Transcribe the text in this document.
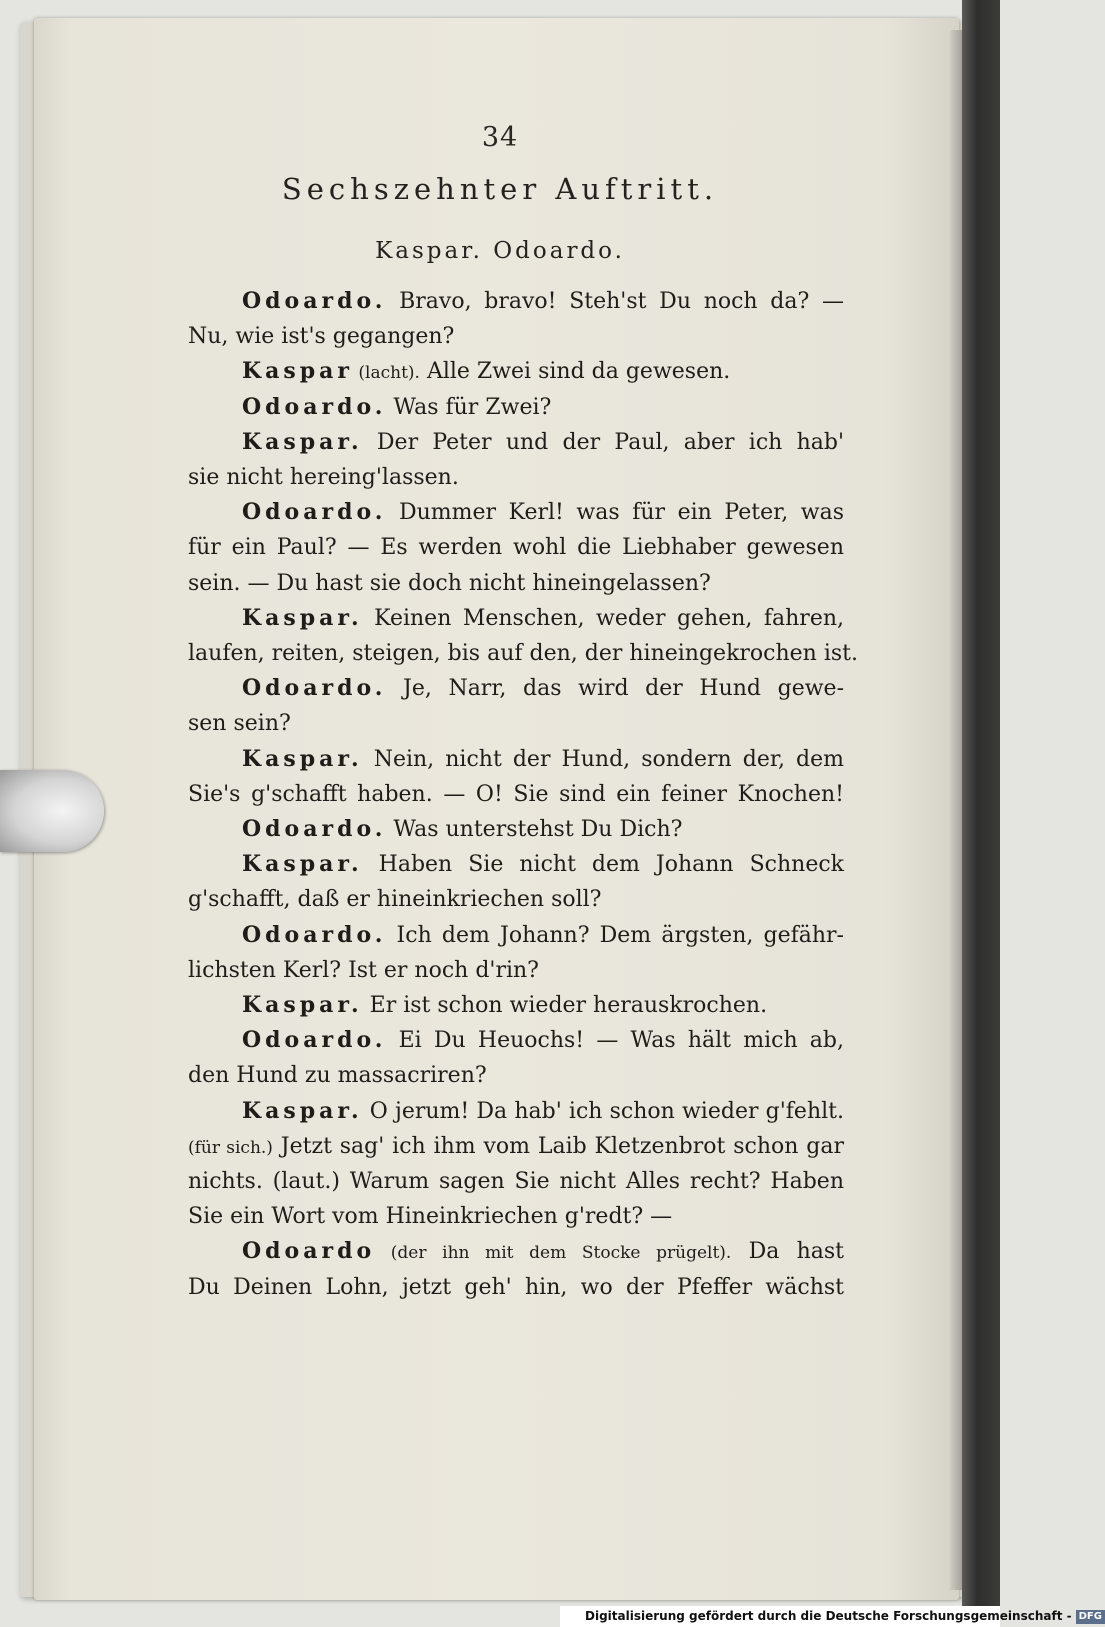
34
Sechszehnter Auftritt.
Kaspar. Odoardo.
Odoardo. Bravo, bravo! Steh'st Du noch da? —
Nu, wie ist's gegangen?
Kaspar (lacht). Alle Zwei sind da gewesen.
Odoardo. Was für Zwei?
Kaspar. Der Peter und der Paul, aber ich hab'
sie nicht hereing'lassen.
Odoardo. Dummer Kerl! was für ein Peter, was
für ein Paul? — Es werden wohl die Liebhaber gewesen
sein. — Du hast sie doch nicht hineingelassen?
Kaspar. Keinen Menschen, weder gehen, fahren,
laufen, reiten, steigen, bis auf den, der hineingekrochen ist.
Odoardo. Je, Narr, das wird der Hund gewe-
sen sein?
Kaspar. Nein, nicht der Hund, sondern der, dem
Sie's g'schafft haben. — O! Sie sind ein feiner Knochen!
Odoardo. Was unterstehst Du Dich?
Kaspar. Haben Sie nicht dem Johann Schneck
g'schafft, daß er hineinkriechen soll?
Odoardo. Ich dem Johann? Dem ärgsten, gefähr-
lichsten Kerl? Ist er noch d'rin?
Kaspar. Er ist schon wieder herauskrochen.
Odoardo. Ei Du Heuochs! — Was hält mich ab,
den Hund zu massacriren?
Kaspar. O jerum! Da hab' ich schon wieder g'fehlt.
(für sich.) Jetzt sag' ich ihm vom Laib Kletzenbrot schon gar
nichts. (laut.) Warum sagen Sie nicht Alles recht? Haben
Sie ein Wort vom Hineinkriechen g'redt? —
Odoardo (der ihn mit dem Stocke prügelt). Da hast
Du Deinen Lohn, jetzt geh' hin, wo der Pfeffer wächst
Digitalisierung gefördert durch die Deutsche Forschungsgemeinschaft - DFG
